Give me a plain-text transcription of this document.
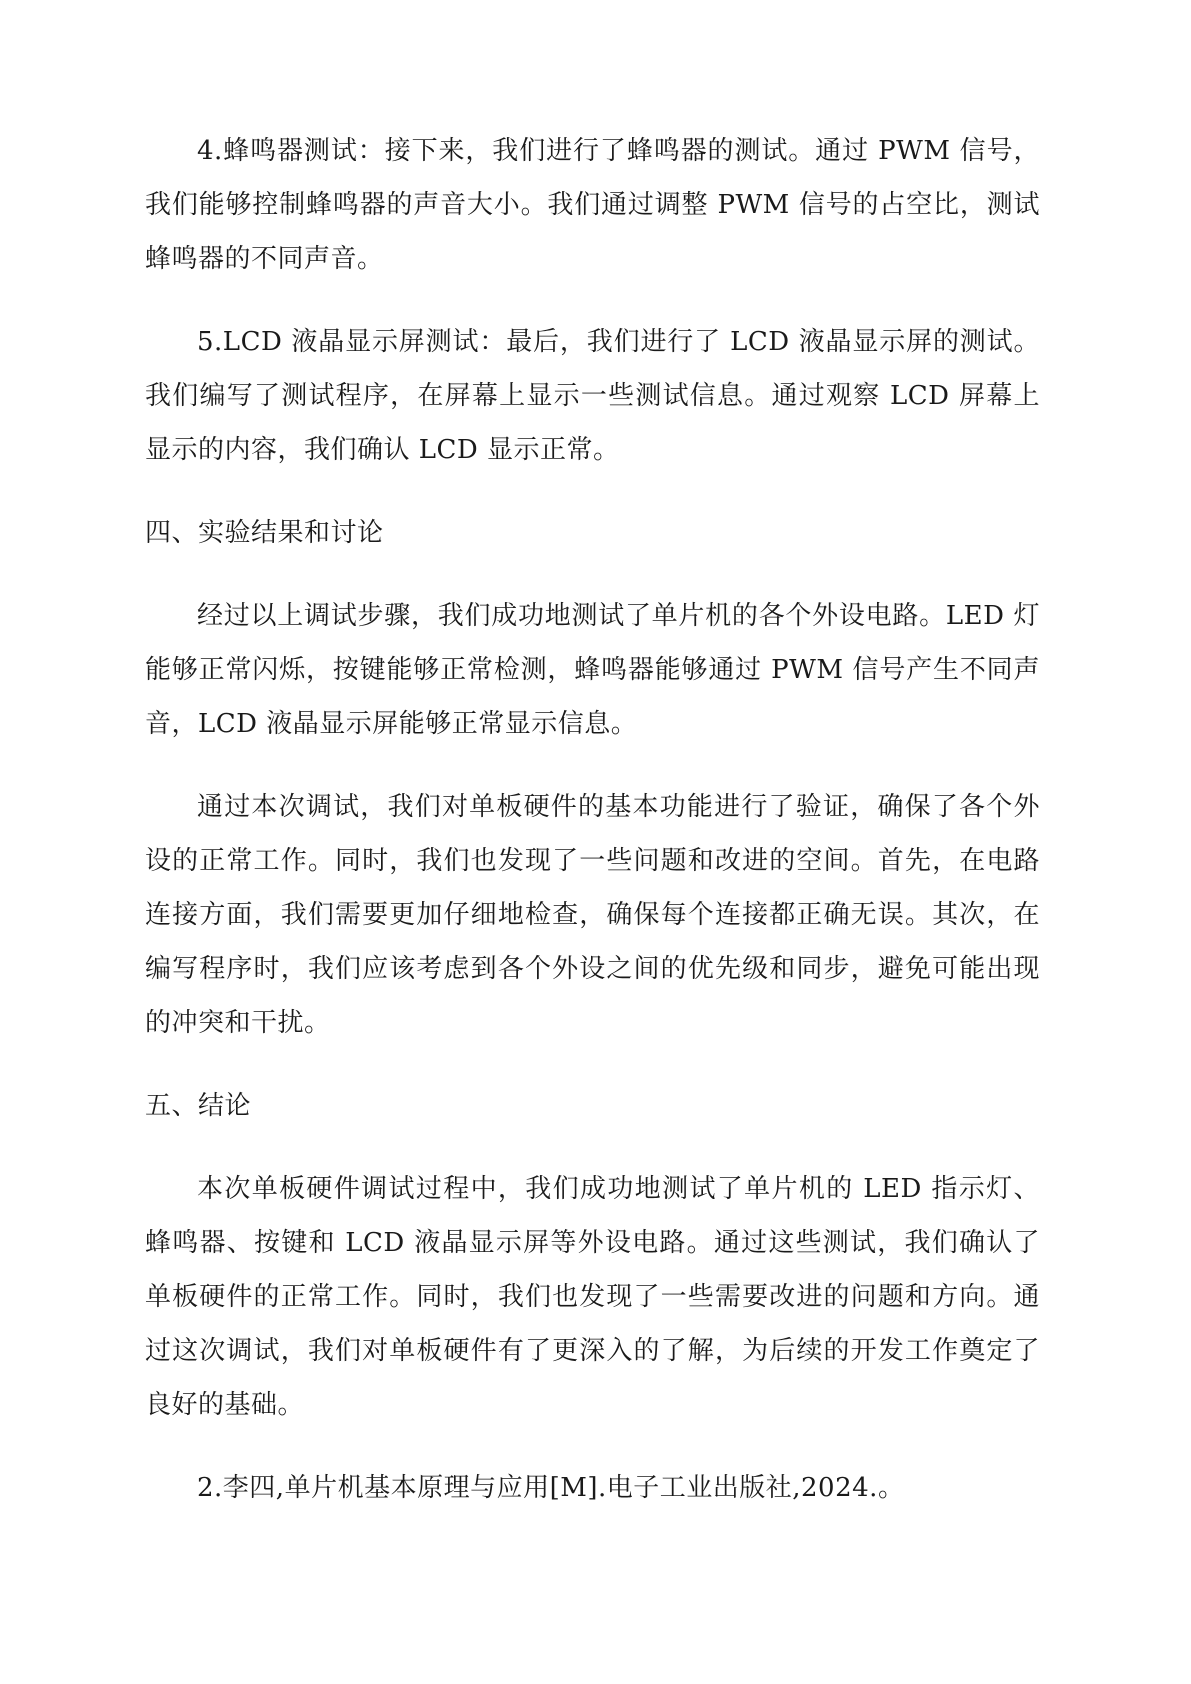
4.蜂鸣器测试：接下来，我们进行了蜂鸣器的测试。通过 PWM 信号，我们能够控制蜂鸣器的声音大小。我们通过调整 PWM 信号的占空比，测试蜂鸣器的不同声音。

5.LCD 液晶显示屏测试：最后，我们进行了 LCD 液晶显示屏的测试。我们编写了测试程序，在屏幕上显示一些测试信息。通过观察 LCD 屏幕上显示的内容，我们确认 LCD 显示正常。

四、实验结果和讨论

经过以上调试步骤，我们成功地测试了单片机的各个外设电路。LED 灯能够正常闪烁，按键能够正常检测，蜂鸣器能够通过 PWM 信号产生不同声音，LCD 液晶显示屏能够正常显示信息。

通过本次调试，我们对单板硬件的基本功能进行了验证，确保了各个外设的正常工作。同时，我们也发现了一些问题和改进的空间。首先，在电路连接方面，我们需要更加仔细地检查，确保每个连接都正确无误。其次，在编写程序时，我们应该考虑到各个外设之间的优先级和同步，避免可能出现的冲突和干扰。

五、结论

本次单板硬件调试过程中，我们成功地测试了单片机的 LED 指示灯、蜂鸣器、按键和 LCD 液晶显示屏等外设电路。通过这些测试，我们确认了单板硬件的正常工作。同时，我们也发现了一些需要改进的问题和方向。通过这次调试，我们对单板硬件有了更深入的了解，为后续的开发工作奠定了良好的基础。

2.李四,单片机基本原理与应用[M].电子工业出版社,2024.。
